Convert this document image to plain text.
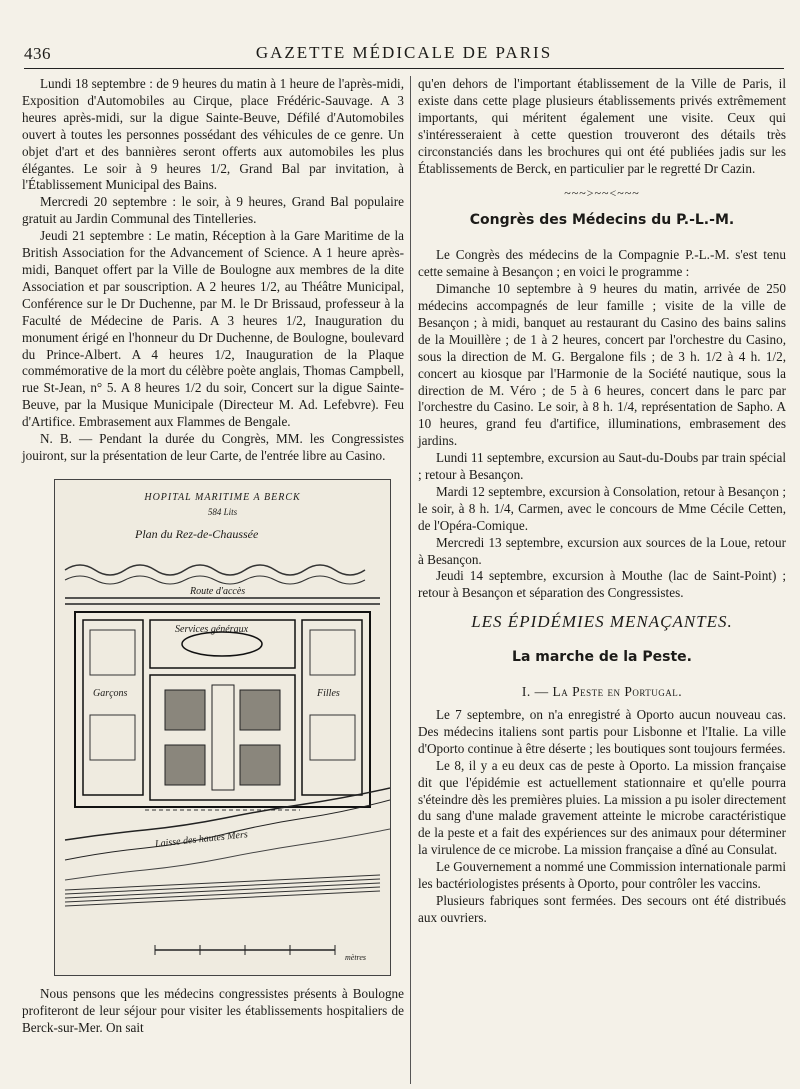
436	GAZETTE MÉDICALE DE PARIS

Lundi 18 septembre : de 9 heures du matin à 1 heure de l'après-midi, Exposition d'Automobiles au Cirque, place Frédéric-Sauvage. A 3 heures après-midi, sur la digue Sainte-Beuve, Défilé d'Automobiles ouvert à toutes les personnes possédant des véhicules de ce genre. Un objet d'art et des bannières seront offerts aux automobiles les plus élégantes. Le soir à 9 heures 1/2, Grand Bal par invitation, à l'Établissement Municipal des Bains.

Mercredi 20 septembre : le soir, à 9 heures, Grand Bal populaire gratuit au Jardin Communal des Tintelleries.

Jeudi 21 septembre : Le matin, Réception à la Gare Maritime de la British Association for the Advancement of Science. A 1 heure après-midi, Banquet offert par la Ville de Boulogne aux membres de la dite Association et par souscription. A 2 heures 1/2, au Théâtre Municipal, Conférence sur le Dr Duchenne, par M. le Dr Brissaud, professeur à la Faculté de Médecine de Paris. A 3 heures 1/2, Inauguration du monument érigé en l'honneur du Dr Duchenne, de Boulogne, boulevard du Prince-Albert. A 4 heures 1/2, Inauguration de la Plaque commémorative de la mort du célèbre poète anglais, Thomas Campbell, rue St-Jean, n° 5. A 8 heures 1/2 du soir, Concert sur la digue Sainte-Beuve, par la Musique Municipale (Directeur M. Ad. Lefebvre). Feu d'Artifice. Embrasement aux Flammes de Bengale.

N. B. — Pendant la durée du Congrès, MM. les Congressistes jouiront, sur la présentation de leur Carte, de l'entrée libre au Casino.

HOPITAL MARITIME A BERCK
584 Lits
Plan du Rez-de-Chaussée
Route d'accès
Services généraux
Garçons	Filles
Laisse des hautes Mers
mètres

Nous pensons que les médecins congressistes présents à Boulogne profiteront de leur séjour pour visiter les établissements hospitaliers de Berck-sur-Mer. On sait

qu'en dehors de l'important établissement de la Ville de Paris, il existe dans cette plage plusieurs établissements privés extrêmement importants, qui méritent également une visite. Ceux qui s'intéresseraient à cette question trouveront des détails très circonstanciés dans les brochures qui ont été publiées jadis sur les Établissements de Berck, en particulier par le regretté Dr Cazin.

~~~>~~<~~~
Congrès des Médecins du P.-L.-M.

Le Congrès des médecins de la Compagnie P.-L.-M. s'est tenu cette semaine à Besançon ; en voici le programme :

Dimanche 10 septembre à 9 heures du matin, arrivée de 250 médecins accompagnés de leur famille ; visite de la ville de Besançon ; à midi, banquet au restaurant du Casino des bains salins de la Mouillère ; de 1 à 2 heures, concert par l'orchestre du Casino, sous la direction de M. G. Bergalone fils ; de 3 h. 1/2 à 4 h. 1/2, concert au kiosque par l'Harmonie de la Société nautique, sous la direction de M. Véro ; de 5 à 6 heures, concert dans le parc par l'orchestre du Casino. Le soir, à 8 h. 1/4, représentation de Sapho. A 10 heures, grand feu d'artifice, illuminations, embrasement des jardins.

Lundi 11 septembre, excursion au Saut-du-Doubs par train spécial ; retour à Besançon.

Mardi 12 septembre, excursion à Consolation, retour à Besançon ; le soir, à 8 h. 1/4, Carmen, avec le concours de Mme Cécile Cetten, de l'Opéra-Comique.

Mercredi 13 septembre, excursion aux sources de la Loue, retour à Besançon.

Jeudi 14 septembre, excursion à Mouthe (lac de Saint-Point) ; retour à Besançon et séparation des Congressistes.

LES ÉPIDÉMIES MENAÇANTES.
La marche de la Peste.
I. — La Peste en Portugal.

Le 7 septembre, on n'a enregistré à Oporto aucun nouveau cas. Des médecins italiens sont partis pour Lisbonne et l'Italie. La ville d'Oporto continue à être déserte ; les boutiques sont toujours fermées.

Le 8, il y a eu deux cas de peste à Oporto. La mission française dit que l'épidémie est actuellement stationnaire et qu'elle pourra s'éteindre dès les premières pluies. La mission a pu isoler directement du sang d'une malade gravement atteinte le microbe caractéristique de la peste et a fait des expériences sur des animaux pour déterminer la virulence de ce microbe. La mission française a dîné au Consulat.

Le Gouvernement a nommé une Commission internationale parmi les bactériologistes présents à Oporto, pour contrôler les vaccins.

Plusieurs fabriques sont fermées. Des secours ont été distribués aux ouvriers.
